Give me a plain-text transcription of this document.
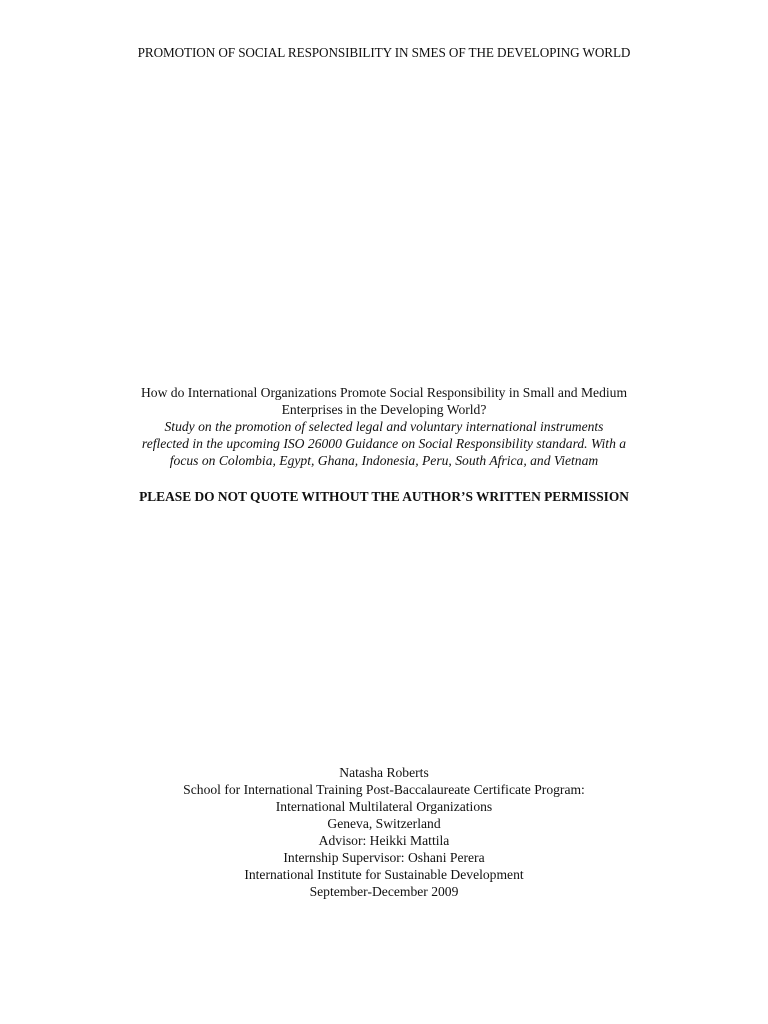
PROMOTION OF SOCIAL RESPONSIBILITY IN SMES OF THE DEVELOPING WORLD
How do International Organizations Promote Social Responsibility in Small and Medium
Enterprises in the Developing World?
Study on the promotion of selected legal and voluntary international instruments
reflected in the upcoming ISO 26000 Guidance on Social Responsibility standard. With a
focus on Colombia, Egypt, Ghana, Indonesia, Peru, South Africa, and Vietnam
PLEASE DO NOT QUOTE WITHOUT THE AUTHOR’S WRITTEN PERMISSION
Natasha Roberts
School for International Training Post-Baccalaureate Certificate Program:
International Multilateral Organizations
Geneva, Switzerland
Advisor: Heikki Mattila
Internship Supervisor: Oshani Perera
International Institute for Sustainable Development
September-December 2009
